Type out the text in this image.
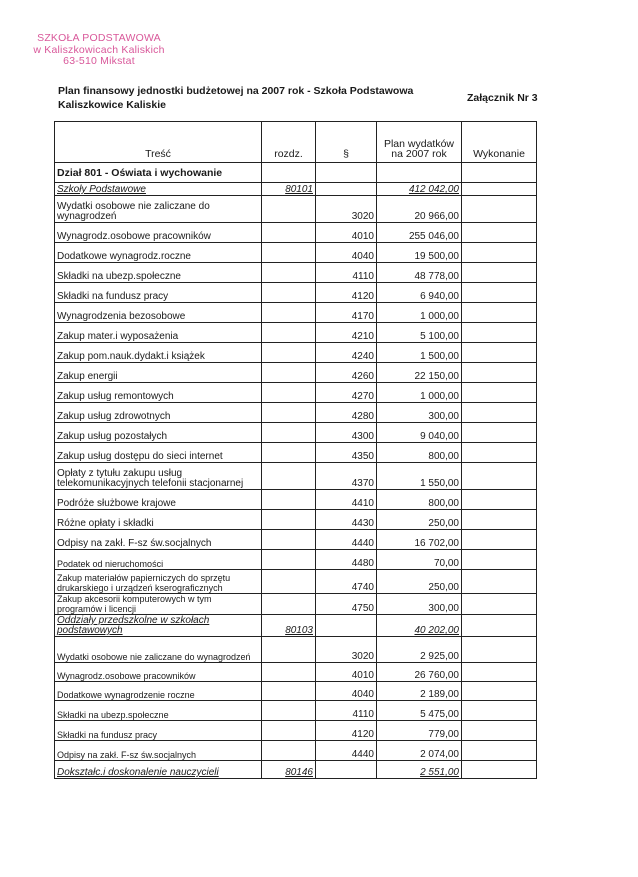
SZKOŁA PODSTAWOWA
w Kaliszkowicach Kaliskich
63-510 Mikstat
Plan finansowy jednostki budżetowej na 2007 rok - Szkoła Podstawowa Kaliszkowice Kaliskie
Załącznik Nr 3
Treść	rozdz.	§	Plan wydatków na 2007 rok	Wykonanie
Dział 801 - Oświata i wychowanie				
Szkoły Podstawowe	80101		412 042,00	
Wydatki osobowe nie zaliczane do wynagrodzeń		3020	20 966,00	
Wynagrodz.osobowe pracowników		4010	255 046,00	
Dodatkowe wynagrodz.roczne		4040	19 500,00	
Składki na ubezp.społeczne		4110	48 778,00	
Składki na fundusz pracy		4120	6 940,00	
Wynagrodzenia bezosobowe		4170	1 000,00	
Zakup mater.i wyposażenia		4210	5 100,00	
Zakup pom.nauk.dydakt.i książek		4240	1 500,00	
Zakup energii		4260	22 150,00	
Zakup usług remontowych		4270	1 000,00	
Zakup usług zdrowotnych		4280	300,00	
Zakup usług pozostałych		4300	9 040,00	
Zakup usług dostępu do sieci internet		4350	800,00	
Opłaty z tytułu zakupu usług telekomunikacyjnych telefonii stacjonarnej		4370	1 550,00	
Podróże służbowe krajowe		4410	800,00	
Różne opłaty i składki		4430	250,00	
Odpisy na zakł. F-sz św.socjalnych		4440	16 702,00	
Podatek od nieruchomości		4480	70,00	
Zakup materiałów papierniczych do sprzętu drukarskiego i urządzeń kserograficznych		4740	250,00	
Zakup akcesorii komputerowych w tym programów i licencji		4750	300,00	
Oddziały przedszkolne w szkołach podstawowych	80103		40 202,00	
Wydatki osobowe nie zaliczane do wynagrodzeń		3020	2 925,00	
Wynagrodz.osobowe pracowników		4010	26 760,00	
Dodatkowe wynagrodzenie roczne		4040	2 189,00	
Składki na ubezp.społeczne		4110	5 475,00	
Składki na fundusz pracy		4120	779,00	
Odpisy na zakł. F-sz św.socjalnych		4440	2 074,00	
Dokształc.i doskonalenie nauczycieli	80146		2 551,00	
